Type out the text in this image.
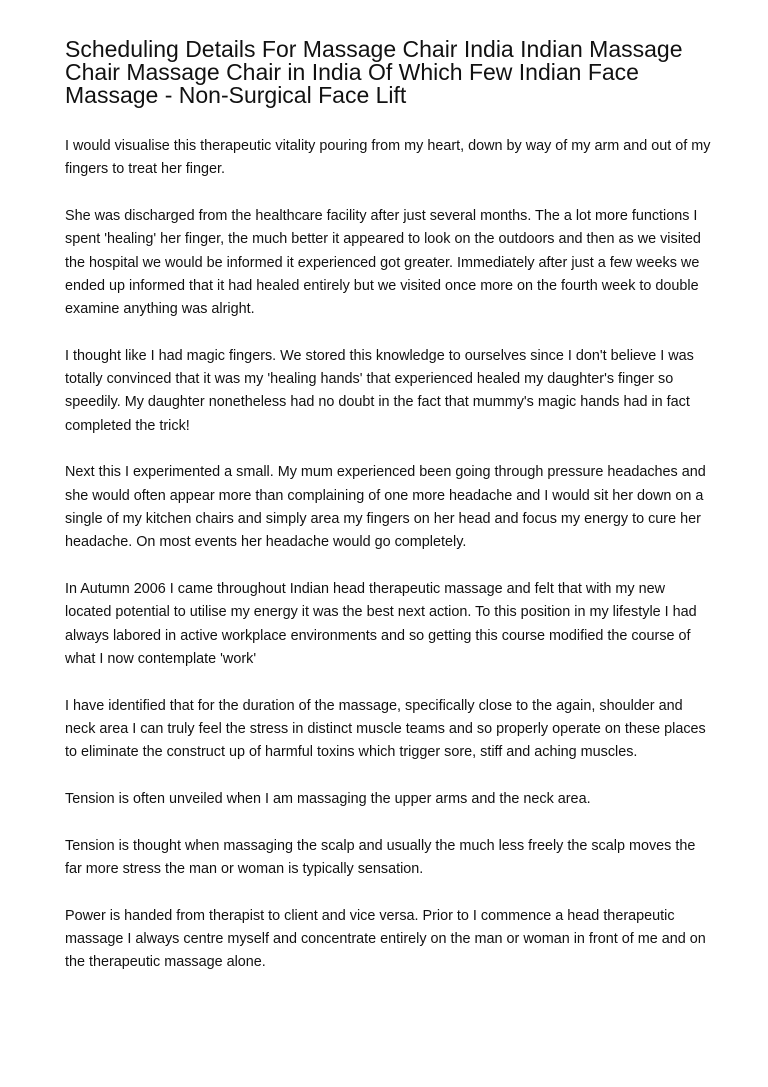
Scheduling Details For Massage Chair India Indian Massage Chair Massage Chair in India Of Which Few Indian Face Massage - Non-Surgical Face Lift

I would visualise this therapeutic vitality pouring from my heart, down by way of my arm and out of my fingers to treat her finger.

She was discharged from the healthcare facility after just several months. The a lot more functions I spent 'healing' her finger, the much better it appeared to look on the outdoors and then as we visited the hospital we would be informed it experienced got greater. Immediately after just a few weeks we ended up informed that it had healed entirely but we visited once more on the fourth week to double examine anything was alright.

I thought like I had magic fingers. We stored this knowledge to ourselves since I don't believe I was totally convinced that it was my 'healing hands' that experienced healed my daughter's finger so speedily. My daughter nonetheless had no doubt in the fact that mummy's magic hands had in fact completed the trick!

Next this I experimented a small. My mum experienced been going through pressure headaches and she would often appear more than complaining of one more headache and I would sit her down on a single of my kitchen chairs and simply area my fingers on her head and focus my energy to cure her headache. On most events her headache would go completely.

In Autumn 2006 I came throughout Indian head therapeutic massage and felt that with my new located potential to utilise my energy it was the best next action. To this position in my lifestyle I had always labored in active workplace environments and so getting this course modified the course of what I now contemplate 'work'

I have identified that for the duration of the massage, specifically close to the again, shoulder and neck area I can truly feel the stress in distinct muscle teams and so properly operate on these places to eliminate the construct up of harmful toxins which trigger sore, stiff and aching muscles.

Tension is often unveiled when I am massaging the upper arms and the neck area.

Tension is thought when massaging the scalp and usually the much less freely the scalp moves the far more stress the man or woman is typically sensation.

Power is handed from therapist to client and vice versa. Prior to I commence a head therapeutic massage I always centre myself and concentrate entirely on the man or woman in front of me and on the therapeutic massage alone.
